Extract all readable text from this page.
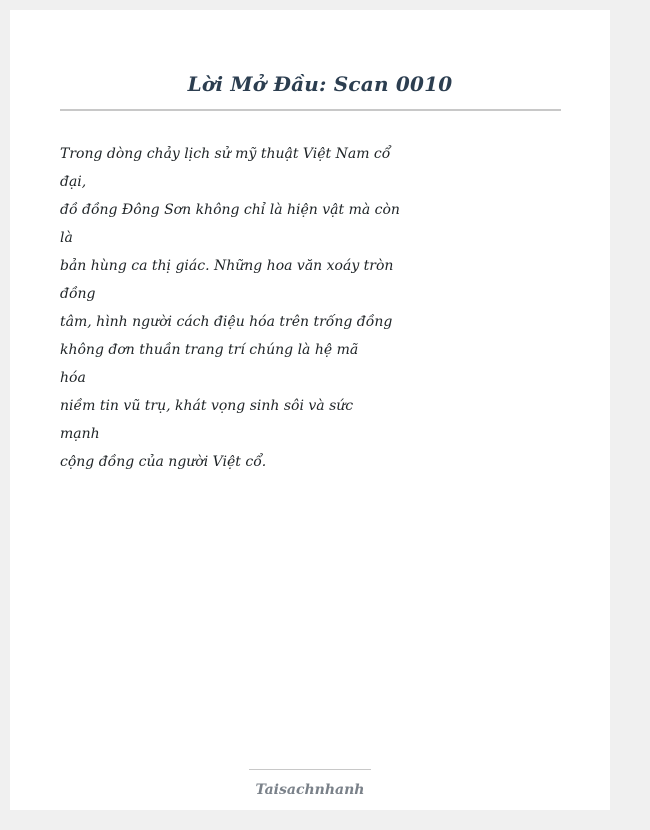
Lời Mở Đầu: Scan 0010
Trong dòng chảy lịch sử mỹ thuật Việt Nam cổ
đại,
đồ đồng Đông Sơn không chỉ là hiện vật mà còn
là
bản hùng ca thị giác. Những hoa văn xoáy tròn
đồng
tâm, hình người cách điệu hóa trên trống đồng
không đơn thuần trang trí chúng là hệ mã
hóa
niềm tin vũ trụ, khát vọng sinh sôi và sức
mạnh
cộng đồng của người Việt cổ.
Taisachnhanh
